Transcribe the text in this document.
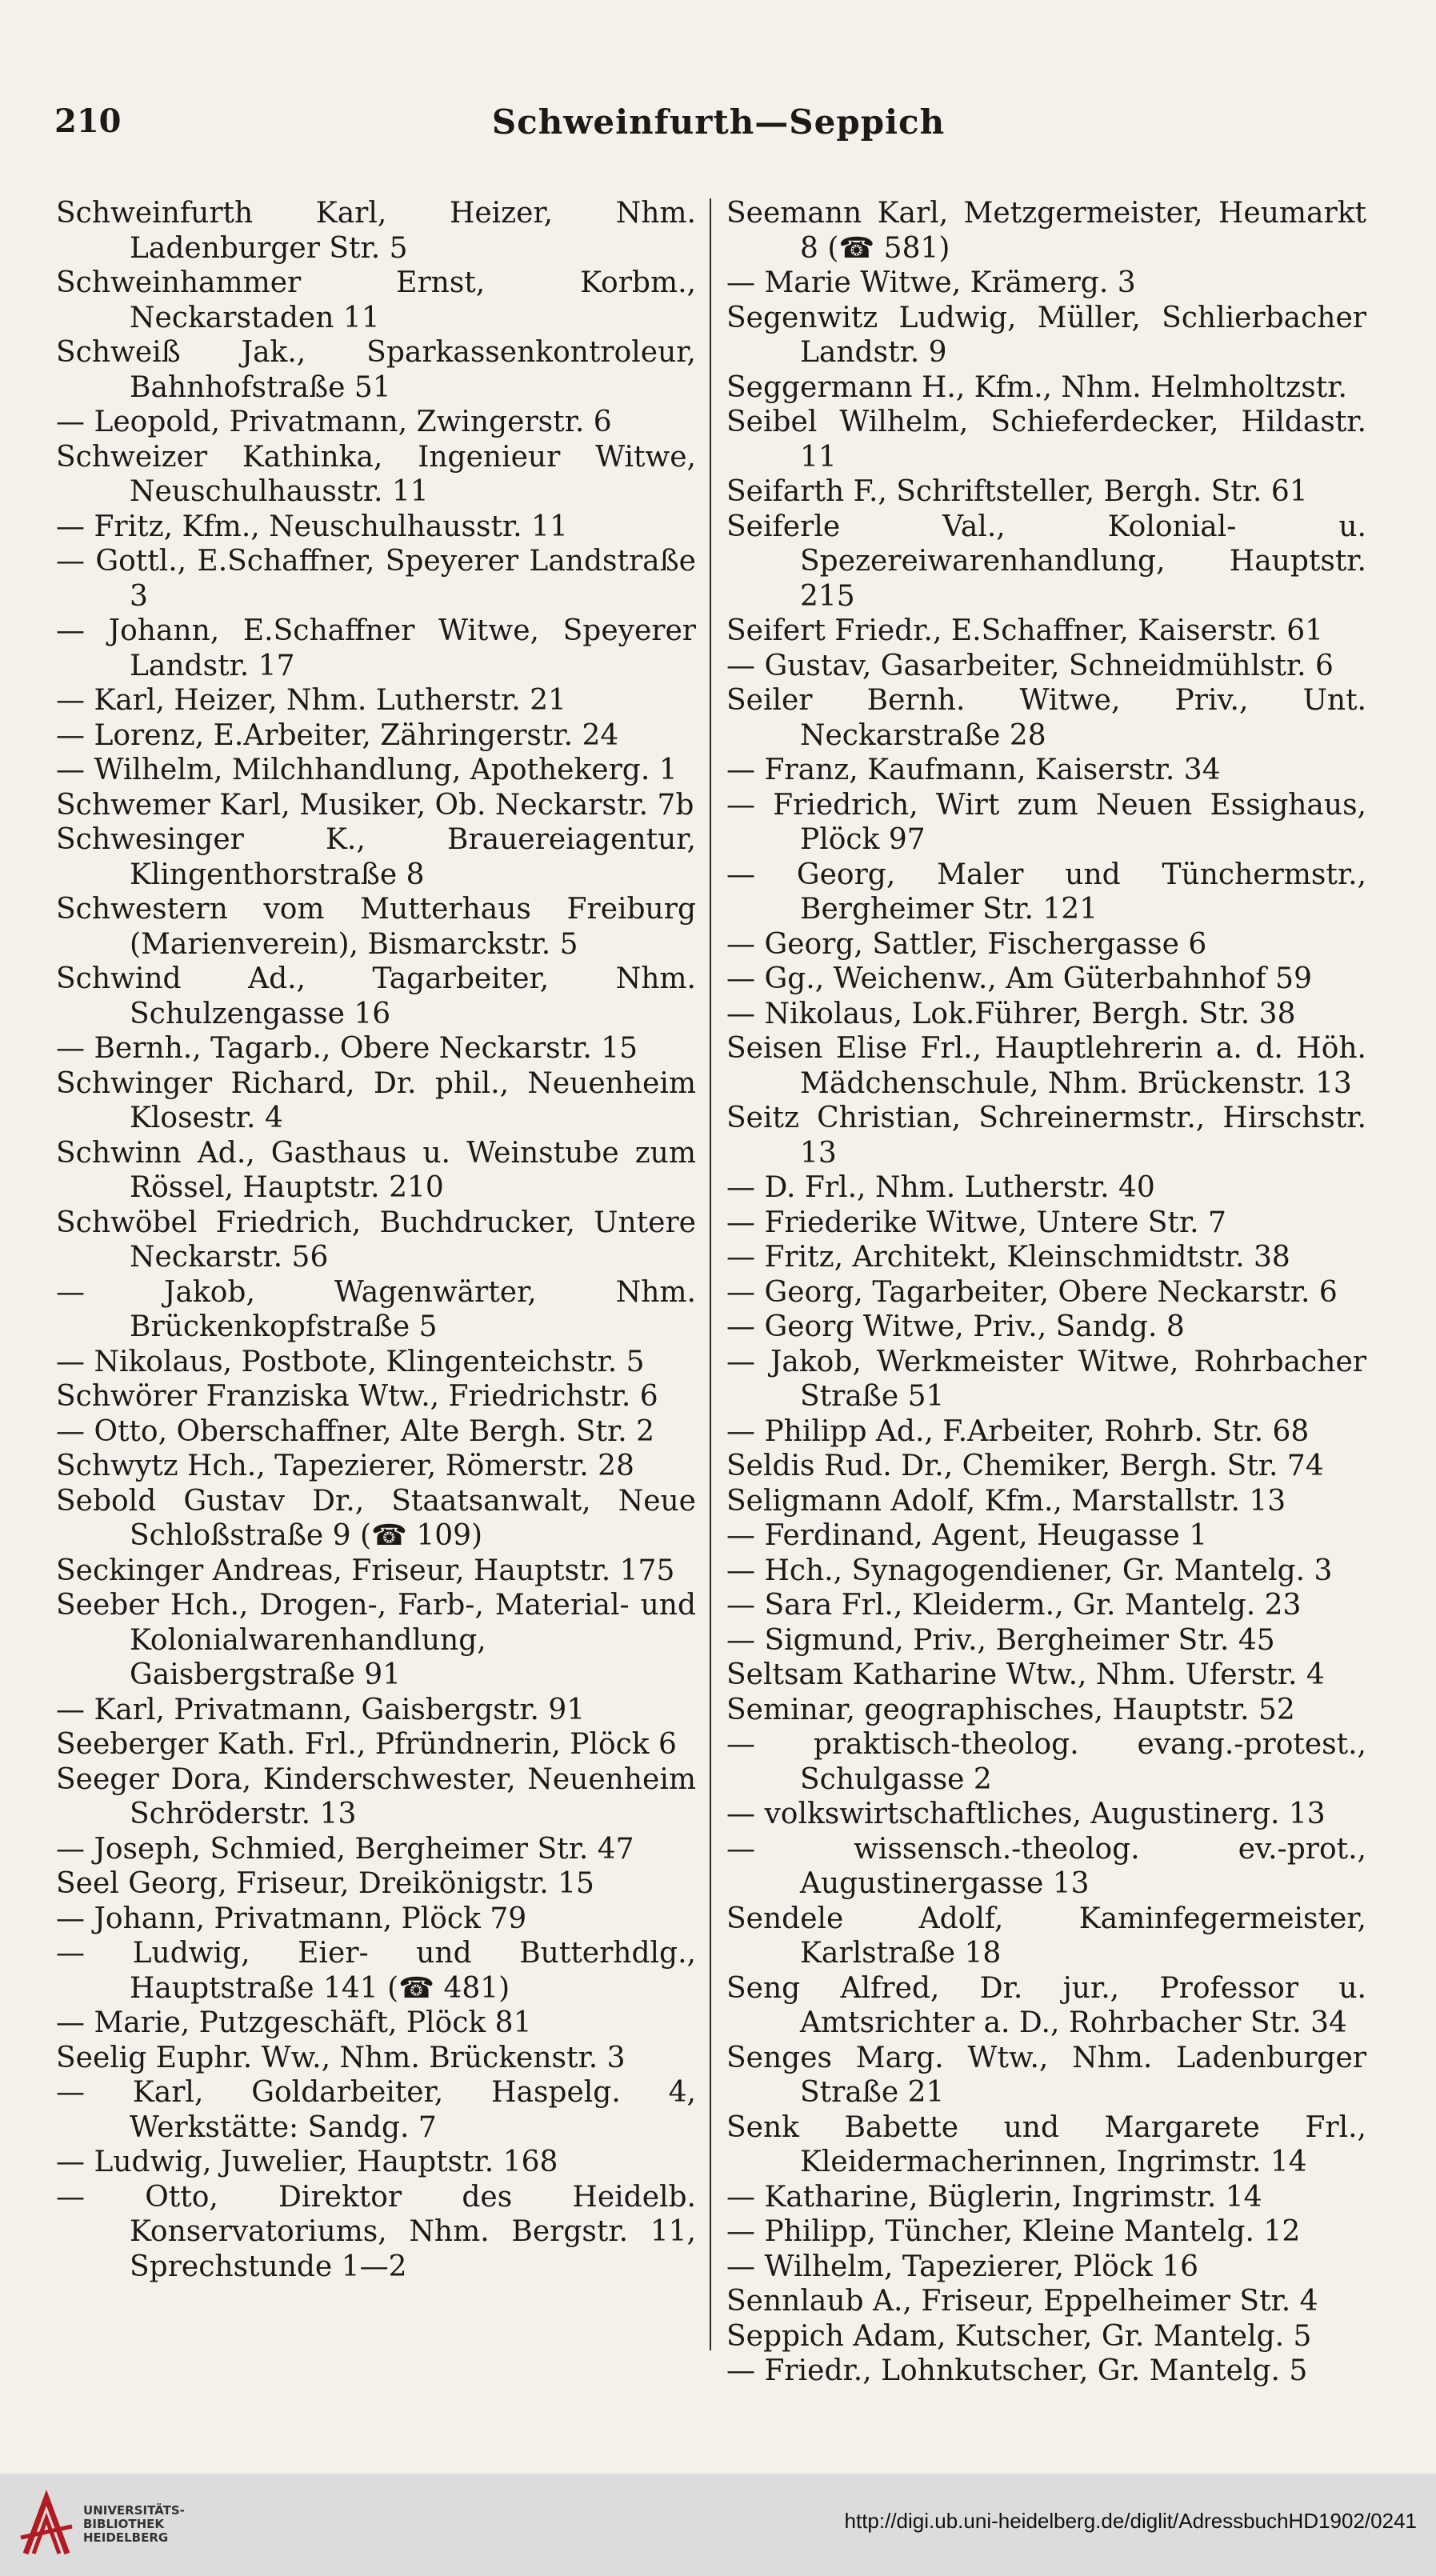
210	Schweinfurth—Seppich
Schweinfurth Karl, Heizer, Nhm. Ladenburger Str. 5
Schweinhammer Ernst, Korbm., Neckarstaden 11
Schweiß Jak., Sparkassenkontroleur, Bahnhofstraße 51
— Leopold, Privatmann, Zwingerstr. 6
Schweizer Kathinka, Ingenieur Witwe, Neuschulhausstr. 11
— Fritz, Kfm., Neuschulhausstr. 11
— Gottl., E.Schaffner, Speyerer Landstraße 3
— Johann, E.Schaffner Witwe, Speyerer Landstr. 17
— Karl, Heizer, Nhm. Lutherstr. 21
— Lorenz, E.Arbeiter, Zähringerstr. 24
— Wilhelm, Milchhandlung, Apothekerg. 1
Schwemer Karl, Musiker, Ob. Neckarstr. 7b
Schwesinger K., Brauereiagentur, Klingenthorstraße 8
Schwestern vom Mutterhaus Freiburg (Marienverein), Bismarckstr. 5
Schwind Ad., Tagarbeiter, Nhm. Schulzengasse 16
— Bernh., Tagarb., Obere Neckarstr. 15
Schwinger Richard, Dr. phil., Neuenheim Klosestr. 4
Schwinn Ad., Gasthaus u. Weinstube zum Rössel, Hauptstr. 210
Schwöbel Friedrich, Buchdrucker, Untere Neckarstr. 56
— Jakob, Wagenwärter, Nhm. Brückenkopfstraße 5
— Nikolaus, Postbote, Klingenteichstr. 5
Schwörer Franziska Wtw., Friedrichstr. 6
— Otto, Oberschaffner, Alte Bergh. Str. 2
Schwytz Hch., Tapezierer, Römerstr. 28
Sebold Gustav Dr., Staatsanwalt, Neue Schloßstraße 9 (☎ 109)
Seckinger Andreas, Friseur, Hauptstr. 175
Seeber Hch., Drogen-, Farb-, Material- und Kolonialwarenhandlung, Gaisbergstraße 91
— Karl, Privatmann, Gaisbergstr. 91
Seeberger Kath. Frl., Pfründnerin, Plöck 6
Seeger Dora, Kinderschwester, Neuenheim Schröderstr. 13
— Joseph, Schmied, Bergheimer Str. 47
Seel Georg, Friseur, Dreikönigstr. 15
— Johann, Privatmann, Plöck 79
— Ludwig, Eier- und Butterhdlg., Hauptstraße 141 (☎ 481)
— Marie, Putzgeschäft, Plöck 81
Seelig Euphr. Ww., Nhm. Brückenstr. 3
— Karl, Goldarbeiter, Haspelg. 4, Werkstätte: Sandg. 7
— Ludwig, Juwelier, Hauptstr. 168
— Otto, Direktor des Heidelb. Konservatoriums, Nhm. Bergstr. 11, Sprechstunde 1—2
Seemann Karl, Metzgermeister, Heumarkt 8 (☎ 581)
— Marie Witwe, Krämerg. 3
Segenwitz Ludwig, Müller, Schlierbacher Landstr. 9
Seggermann H., Kfm., Nhm. Helmholtzstr.
Seibel Wilhelm, Schieferdecker, Hildastr. 11
Seifarth F., Schriftsteller, Bergh. Str. 61
Seiferle Val., Kolonial- u. Spezereiwarenhandlung, Hauptstr. 215
Seifert Friedr., E.Schaffner, Kaiserstr. 61
— Gustav, Gasarbeiter, Schneidmühlstr. 6
Seiler Bernh. Witwe, Priv., Unt. Neckarstraße 28
— Franz, Kaufmann, Kaiserstr. 34
— Friedrich, Wirt zum Neuen Essighaus, Plöck 97
— Georg, Maler und Tünchermstr., Bergheimer Str. 121
— Georg, Sattler, Fischergasse 6
— Gg., Weichenw., Am Güterbahnhof 59
— Nikolaus, Lok.Führer, Bergh. Str. 38
Seisen Elise Frl., Hauptlehrerin a. d. Höh. Mädchenschule, Nhm. Brückenstr. 13
Seitz Christian, Schreinermstr., Hirschstr. 13
— D. Frl., Nhm. Lutherstr. 40
— Friederike Witwe, Untere Str. 7
— Fritz, Architekt, Kleinschmidtstr. 38
— Georg, Tagarbeiter, Obere Neckarstr. 6
— Georg Witwe, Priv., Sandg. 8
— Jakob, Werkmeister Witwe, Rohrbacher Straße 51
— Philipp Ad., F.Arbeiter, Rohrb. Str. 68
Seldis Rud. Dr., Chemiker, Bergh. Str. 74
Seligmann Adolf, Kfm., Marstallstr. 13
— Ferdinand, Agent, Heugasse 1
— Hch., Synagogendiener, Gr. Mantelg. 3
— Sara Frl., Kleiderm., Gr. Mantelg. 23
— Sigmund, Priv., Bergheimer Str. 45
Seltsam Katharine Wtw., Nhm. Uferstr. 4
Seminar, geographisches, Hauptstr. 52
— praktisch-theolog. evang.-protest., Schulgasse 2
— volkswirtschaftliches, Augustinerg. 13
— wissensch.-theolog. ev.-prot., Augustinergasse 13
Sendele Adolf, Kaminfegermeister, Karlstraße 18
Seng Alfred, Dr. jur., Professor u. Amtsrichter a. D., Rohrbacher Str. 34
Senges Marg. Wtw., Nhm. Ladenburger Straße 21
Senk Babette und Margarete Frl., Kleidermacherinnen, Ingrimstr. 14
— Katharine, Büglerin, Ingrimstr. 14
— Philipp, Tüncher, Kleine Mantelg. 12
— Wilhelm, Tapezierer, Plöck 16
Sennlaub A., Friseur, Eppelheimer Str. 4
Seppich Adam, Kutscher, Gr. Mantelg. 5
— Friedr., Lohnkutscher, Gr. Mantelg. 5
UNIVERSITÄTS-
BIBLIOTHEK
HEIDELBERG
http://digi.ub.uni-heidelberg.de/diglit/AdressbuchHD1902/0241
